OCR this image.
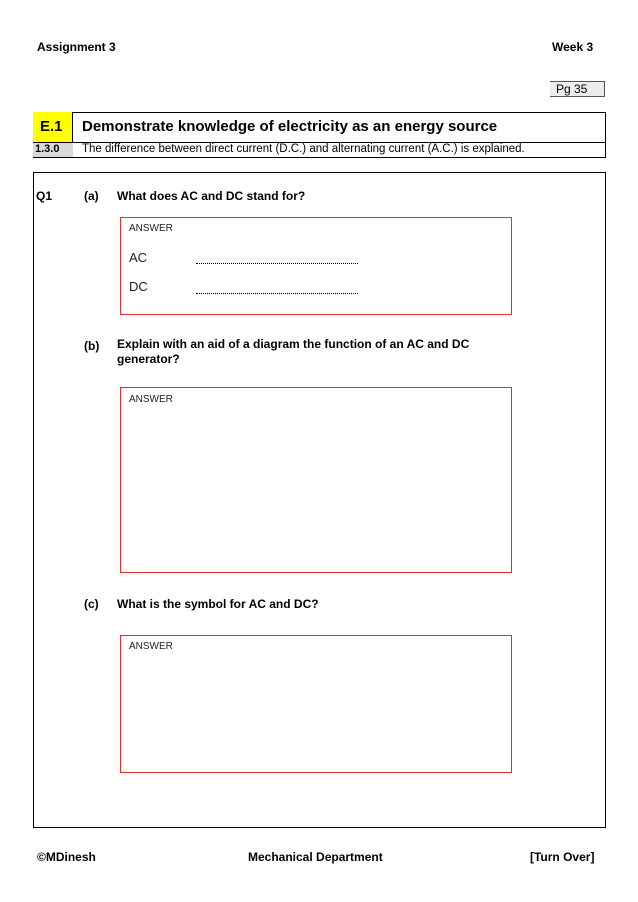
Assignment 3	Week 3
Pg 35
E.1 Demonstrate knowledge of electricity as an energy source
1.3.0 The difference between direct current (D.C.) and alternating current (A.C.) is explained.
Q1	(a) What does AC and DC stand for?
ANSWER
AC
DC
(b) Explain with an aid of a diagram the function of an AC and DC generator?
ANSWER
(c) What is the symbol for AC and DC?
ANSWER
©MDinesh	Mechanical Department	[Turn Over]
